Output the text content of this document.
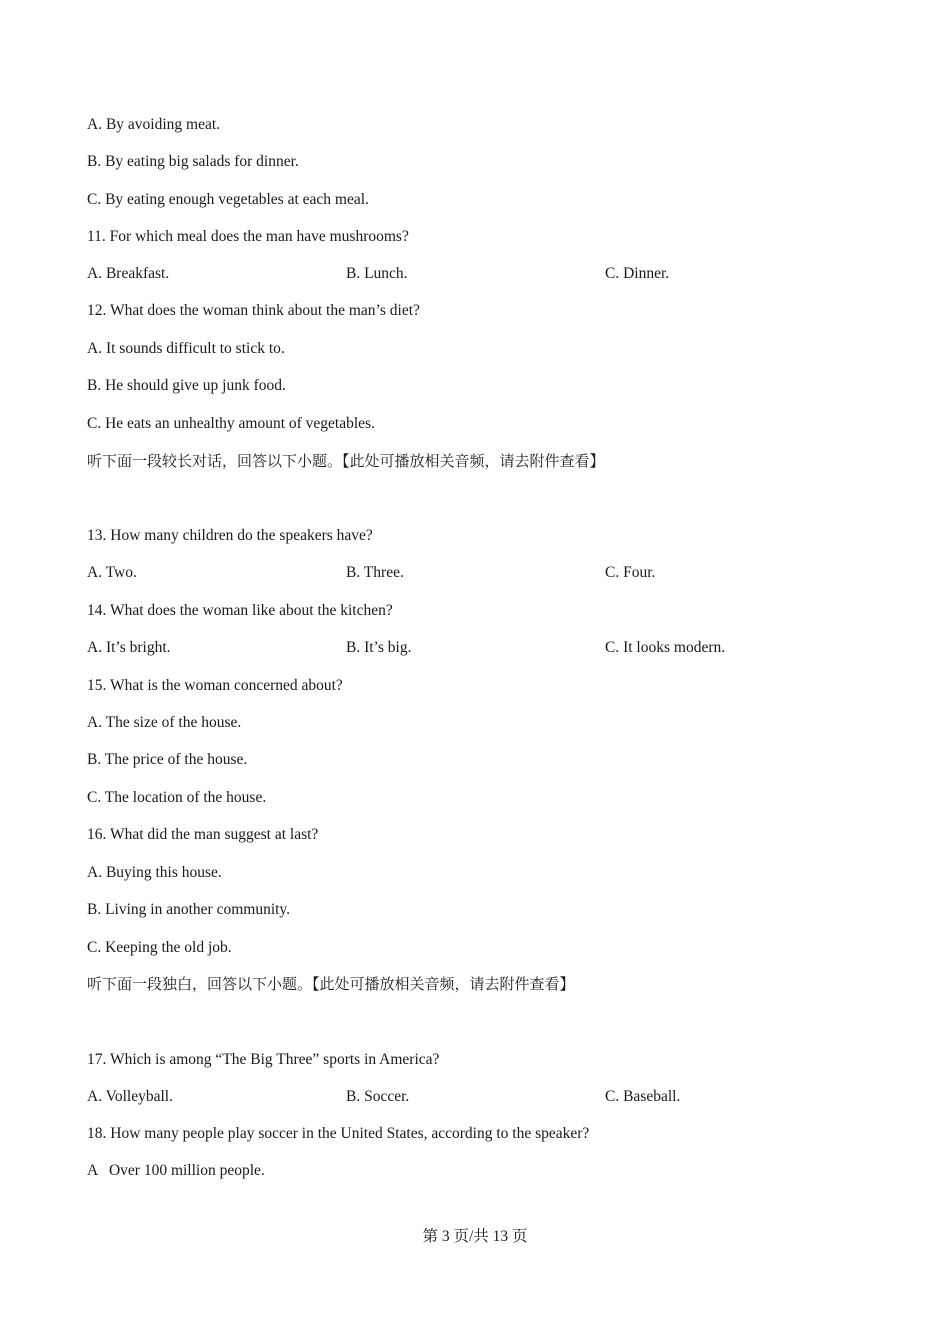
A. By avoiding meat.
B. By eating big salads for dinner.
C. By eating enough vegetables at each meal.
11. For which meal does the man have mushrooms?
A. Breakfast.	B. Lunch.	C. Dinner.
12. What does the woman think about the man’s diet?
A. It sounds difficult to stick to.
B. He should give up junk food.
C. He eats an unhealthy amount of vegetables.
听下面一段较长对话，回答以下小题。【此处可播放相关音频，请去附件查看】
13. How many children do the speakers have?
A. Two.	B. Three.	C. Four.
14. What does the woman like about the kitchen?
A. It’s bright.	B. It’s big.	C. It looks modern.
15. What is the woman concerned about?
A. The size of the house.
B. The price of the house.
C. The location of the house.
16. What did the man suggest at last?
A. Buying this house.
B. Living in another community.
C. Keeping the old job.
听下面一段独白，回答以下小题。【此处可播放相关音频，请去附件查看】
17. Which is among “The Big Three” sports in America?
A. Volleyball.	B. Soccer.	C. Baseball.
18. How many people play soccer in the United States, according to the speaker?
A   Over 100 million people.
第 3 页/共 13 页
